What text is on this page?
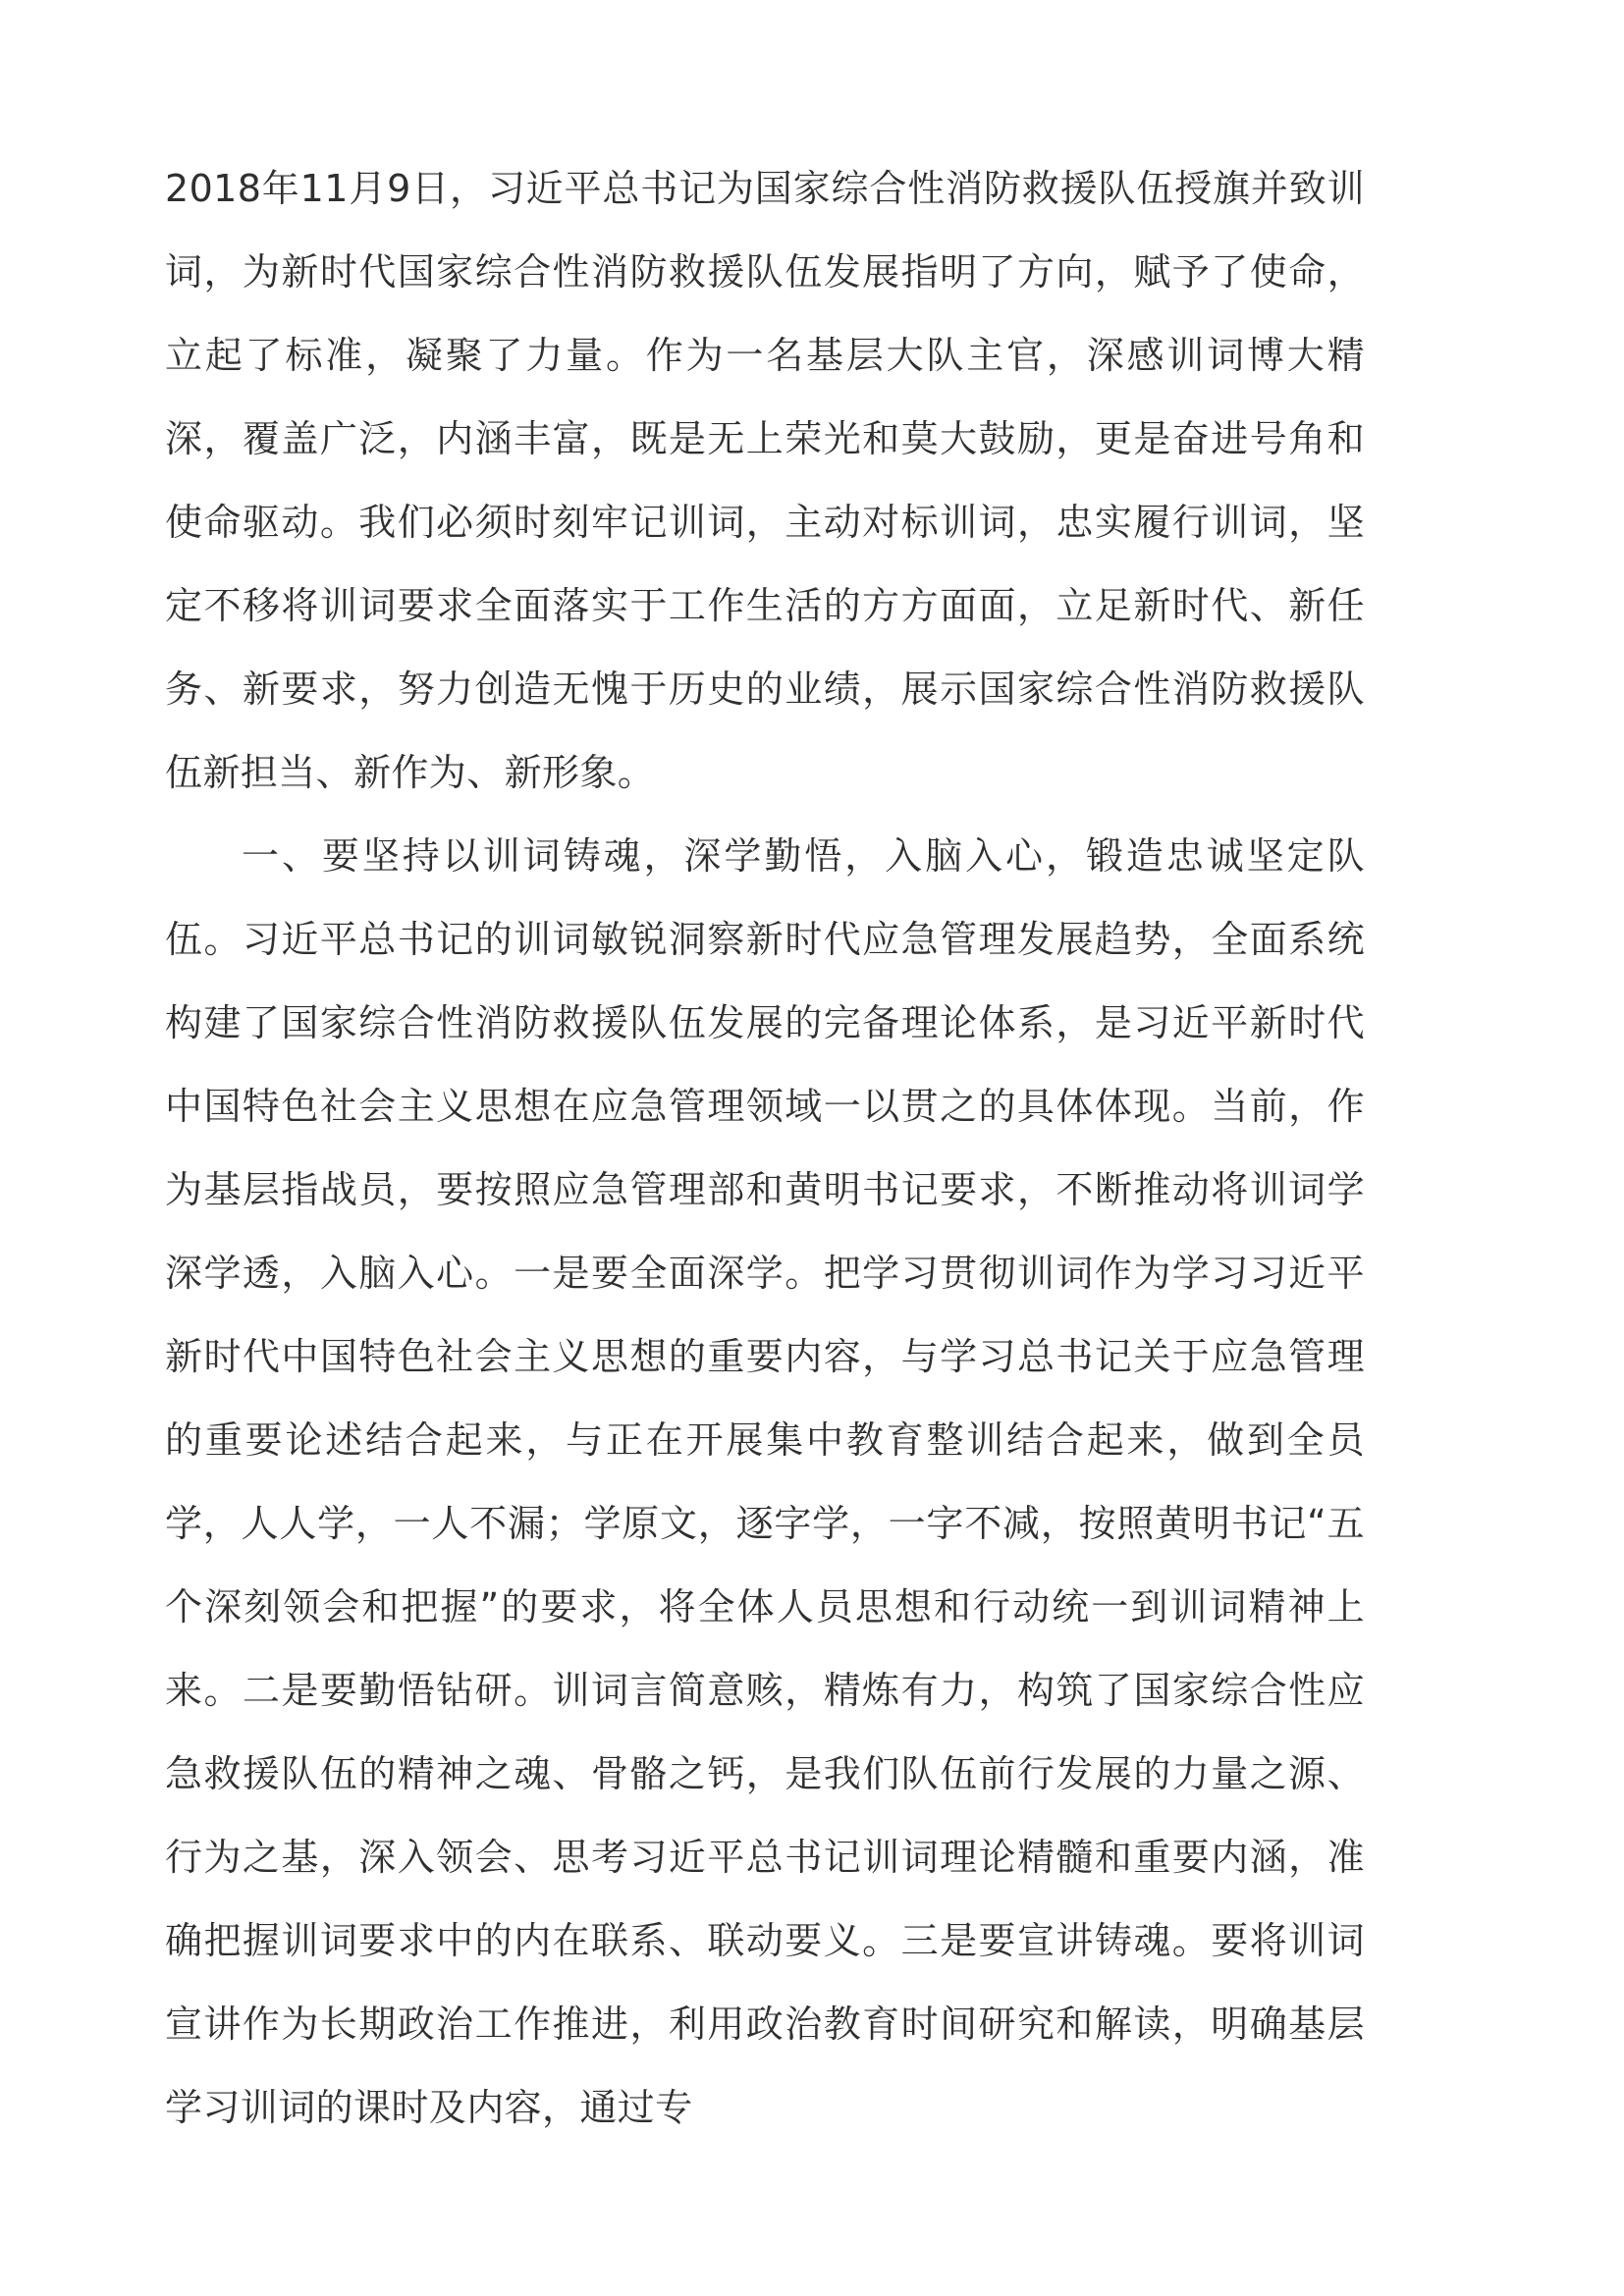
2018年11月9日，习近平总书记为国家综合性消防救援队伍授旗并致训词，为新时代国家综合性消防救援队伍发展指明了方向，赋予了使命，立起了标准，凝聚了力量。作为一名基层大队主官，深感训词博大精深，覆盖广泛，内涵丰富，既是无上荣光和莫大鼓励，更是奋进号角和使命驱动。我们必须时刻牢记训词，主动对标训词，忠实履行训词，坚定不移将训词要求全面落实于工作生活的方方面面，立足新时代、新任务、新要求，努力创造无愧于历史的业绩，展示国家综合性消防救援队伍新担当、新作为、新形象。

一、要坚持以训词铸魂，深学勤悟，入脑入心，锻造忠诚坚定队伍。习近平总书记的训词敏锐洞察新时代应急管理发展趋势，全面系统构建了国家综合性消防救援队伍发展的完备理论体系，是习近平新时代中国特色社会主义思想在应急管理领域一以贯之的具体体现。当前，作为基层指战员，要按照应急管理部和黄明书记要求，不断推动将训词学深学透，入脑入心。一是要全面深学。把学习贯彻训词作为学习习近平新时代中国特色社会主义思想的重要内容，与学习总书记关于应急管理的重要论述结合起来，与正在开展集中教育整训结合起来，做到全员学，人人学，一人不漏；学原文，逐字学，一字不减，按照黄明书记“五个深刻领会和把握”的要求，将全体人员思想和行动统一到训词精神上来。二是要勤悟钻研。训词言简意赅，精炼有力，构筑了国家综合性应急救援队伍的精神之魂、骨骼之钙，是我们队伍前行发展的力量之源、行为之基，深入领会、思考习近平总书记训词理论精髓和重要内涵，准确把握训词要求中的内在联系、联动要义。三是要宣讲铸魂。要将训词宣讲作为长期政治工作推进，利用政治教育时间研究和解读，明确基层学习训词的课时及内容，通过专
